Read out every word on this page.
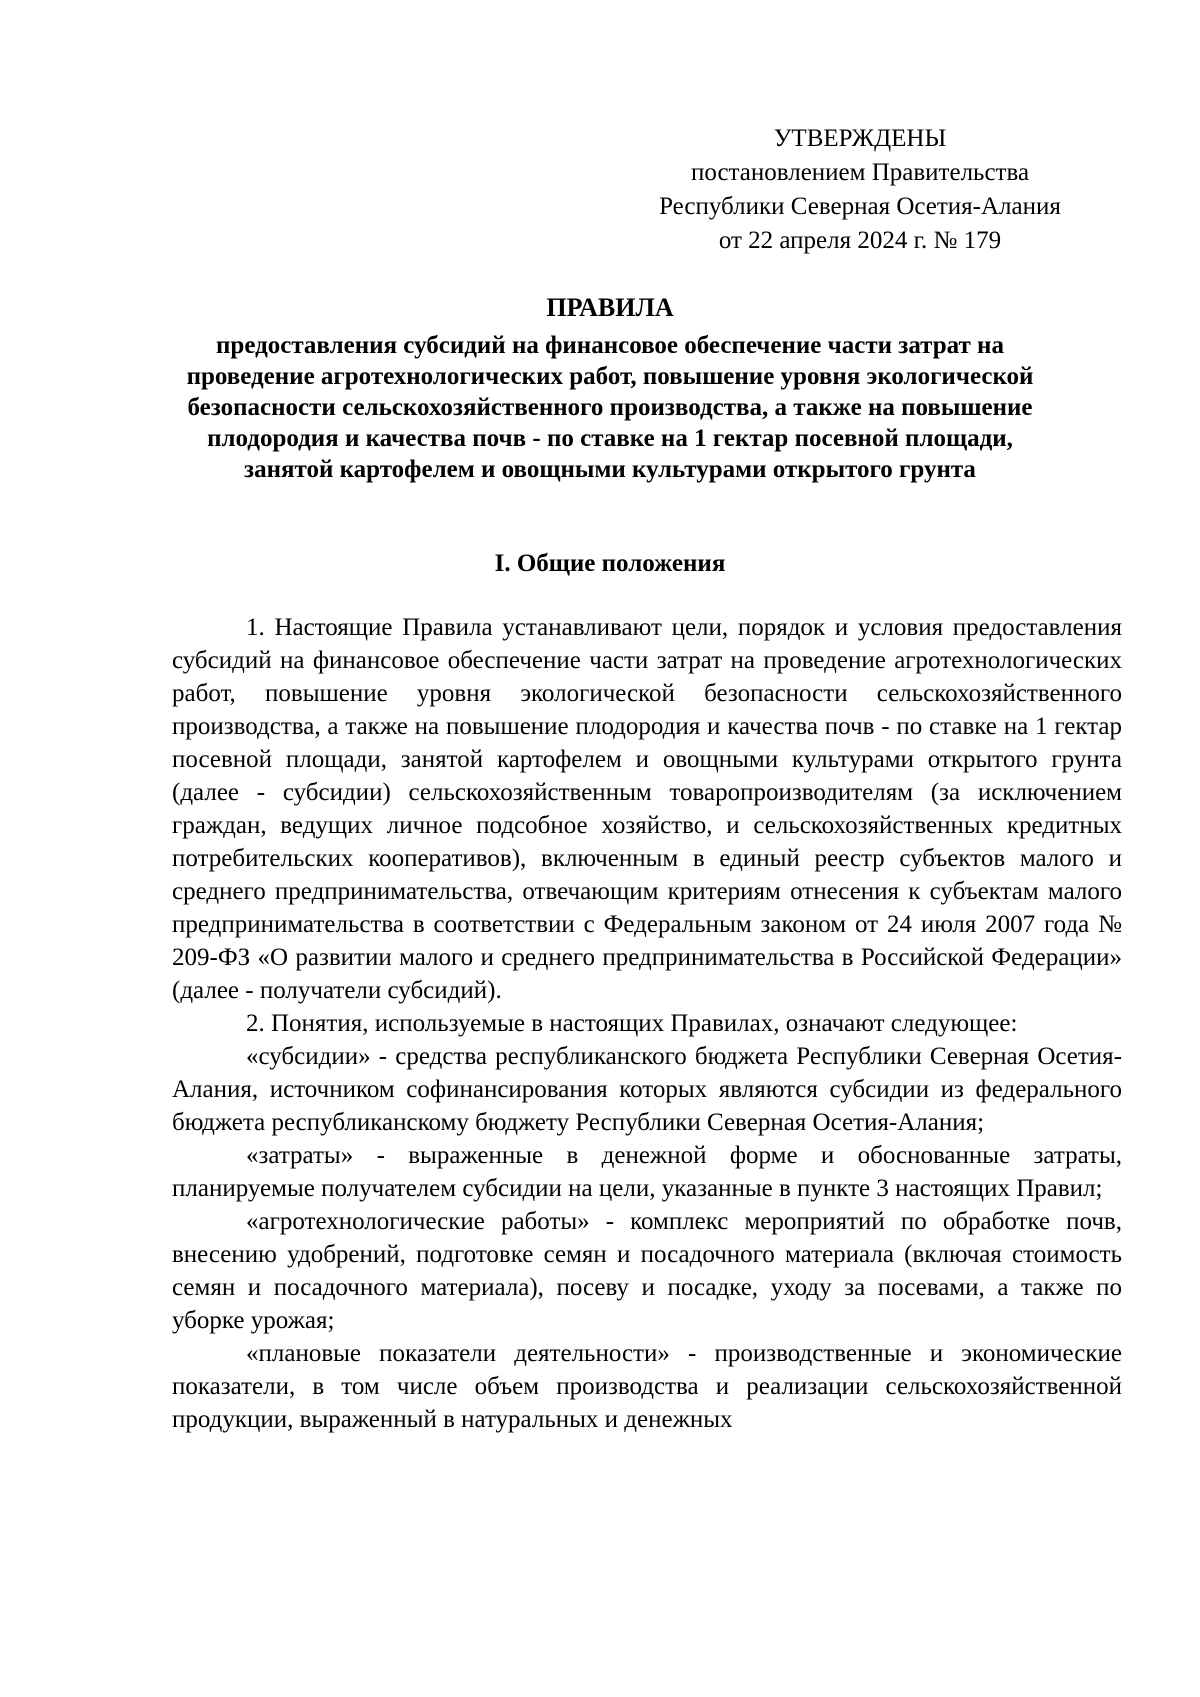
УТВЕРЖДЕНЫ
постановлением Правительства
Республики Северная Осетия-Алания
от 22 апреля 2024 г. № 179
ПРАВИЛА
предоставления субсидий на финансовое обеспечение части затрат на проведение агротехнологических работ, повышение уровня экологической безопасности сельскохозяйственного производства, а также на повышение плодородия и качества почв - по ставке на 1 гектар посевной площади, занятой картофелем и овощными культурами открытого грунта
I. Общие положения

1. Настоящие Правила устанавливают цели, порядок и условия предоставления субсидий на финансовое обеспечение части затрат на проведение агротехнологических работ, повышение уровня экологической безопасности сельскохозяйственного производства, а также на повышение плодородия и качества почв - по ставке на 1 гектар посевной площади, занятой картофелем и овощными культурами открытого грунта (далее - субсидии) сельскохозяйственным товаропроизводителям (за исключением граждан, ведущих личное подсобное хозяйство, и сельскохозяйственных кредитных потребительских кооперативов), включенным в единый реестр субъектов малого и среднего предпринимательства, отвечающим критериям отнесения к субъектам малого предпринимательства в соответствии с Федеральным законом от 24 июля 2007 года № 209-ФЗ «О развитии малого и среднего предпринимательства в Российской Федерации» (далее - получатели субсидий).

2. Понятия, используемые в настоящих Правилах, означают следующее:

«субсидии» - средства республиканского бюджета Республики Северная Осетия-Алания, источником софинансирования которых являются субсидии из федерального бюджета республиканскому бюджету Республики Северная Осетия-Алания;

«затраты» - выраженные в денежной форме и обоснованные затраты, планируемые получателем субсидии на цели, указанные в пункте 3 настоящих Правил;

«агротехнологические работы» - комплекс мероприятий по обработке почв, внесению удобрений, подготовке семян и посадочного материала (включая стоимость семян и посадочного материала), посеву и посадке, уходу за посевами, а также по уборке урожая;

«плановые показатели деятельности» - производственные и экономические показатели, в том числе объем производства и реализации сельскохозяйственной продукции, выраженный в натуральных и денежных
